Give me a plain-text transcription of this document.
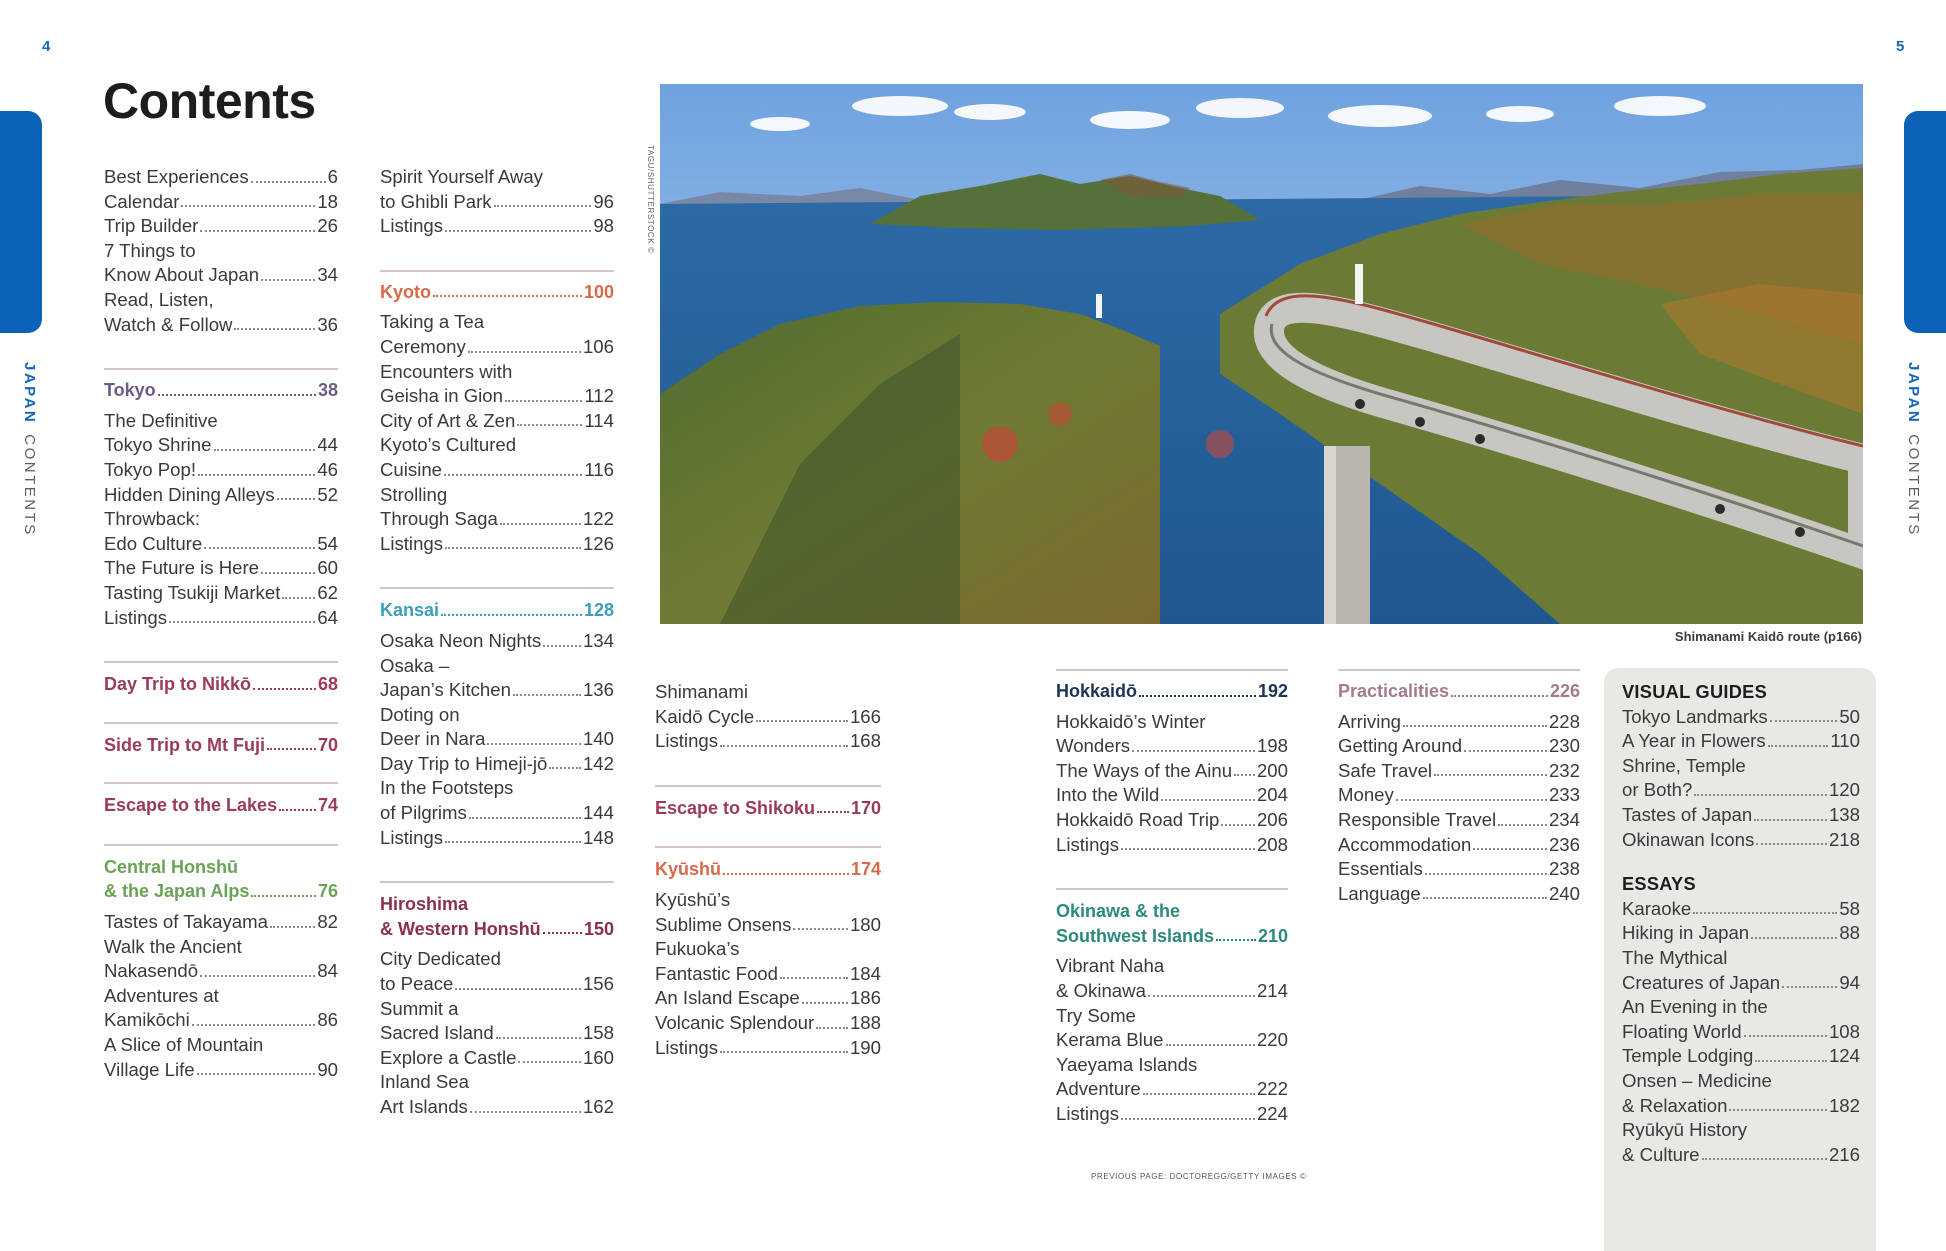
4	5
JAPANCONTENTS
JAPANCONTENTS
Contents
Best Experiences	6
Calendar	18
Trip Builder	26
7 Things to
Know About Japan	34
Read, Listen,
Watch & Follow	36
Tokyo	38
The Definitive
Tokyo Shrine	44
Tokyo Pop!	46
Hidden Dining Alleys 52
Throwback:
Edo Culture	54
The Future is Here	60
Tasting Tsukiji Market 62
Listings	64
Day Trip to Nikkō	68
Side Trip to Mt Fuji	70
Escape to the Lakes 74
Central Honshū
& the Japan Alps	76
Tastes of Takayama	82
Walk the Ancient
Nakasendō	84
Adventures at
Kamikōchi	86
A Slice of Mountain
Village Life	90
Spirit Yourself Away
to Ghibli Park	96
Listings	98
Kyoto	100
Taking a Tea
Ceremony	106
Encounters with
Geisha in Gion	112
City of Art & Zen	114
Kyoto’s Cultured
Cuisine	116
Strolling
Through Saga	122
Listings	126
Kansai	128
Osaka Neon Nights 134
Osaka –
Japan’s Kitchen	136
Doting on
Deer in Nara	140
Day Trip to Himeji-jō 142
In the Footsteps
of Pilgrims	144
Listings	148
Hiroshima
& Western Honshū 150
City Dedicated
to Peace	156
Summit a
Sacred Island	158
Explore a Castle	160
Inland Sea
Art Islands	162
TAGU/SHUTTERSTOCK ©
Shimanami Kaidō route (p166)
Shimanami
Kaidō Cycle	166
Listings	168
Escape to Shikoku 170
Kyūshū	174
Kyūshū’s
Sublime Onsens	180
Fukuoka’s
Fantastic Food	184
An Island Escape	186
Volcanic Splendour 188
Listings	190
Hokkaidō	192
Hokkaidō’s Winter
Wonders	198
The Ways of the Ainu 200
Into the Wild	204
Hokkaidō Road Trip 206
Listings	208
Okinawa & the
Southwest Islands 210
Vibrant Naha
& Okinawa	214
Try Some
Kerama Blue	220
Yaeyama Islands
Adventure	222
Listings	224
Practicalities	226
Arriving	228
Getting Around	230
Safe Travel	232
Money	233
Responsible Travel	234
Accommodation	236
Essentials	238
Language	240
VISUAL GUIDES
Tokyo Landmarks	50
A Year in Flowers	110
Shrine, Temple
or Both?	120
Tastes of Japan	138
Okinawan Icons	218
ESSAYS
Karaoke	58
Hiking in Japan	88
The Mythical
Creatures of Japan	94
An Evening in the
Floating World	108
Temple Lodging	124
Onsen – Medicine
& Relaxation	182
Ryūkyū History
& Culture	216
PREVIOUS PAGE: DOCTOREGG/GETTY IMAGES ©
